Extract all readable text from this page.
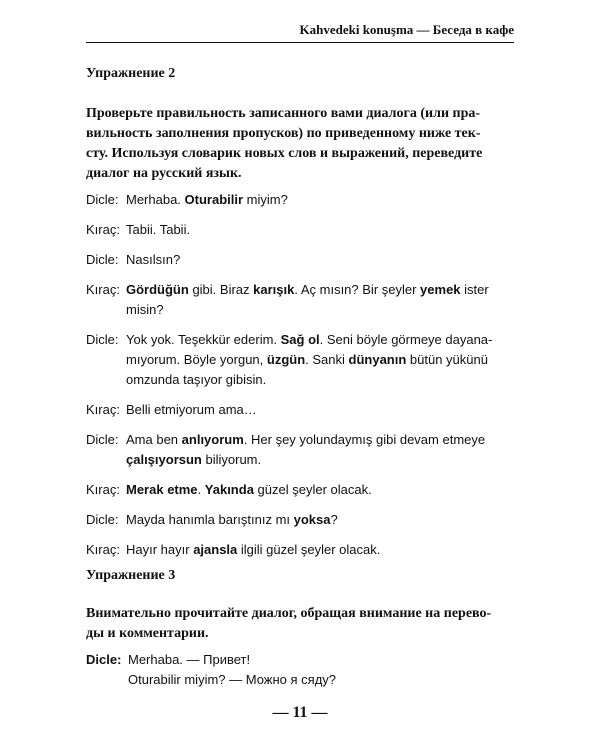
Kahvedeki konuşma — Беседа в кафе
Упражнение 2
Проверьте правильность записанного вами диалога (или пра-
вильность заполнения пропусков) по приведенному ниже тек-
сту. Используя словарик новых слов и выражений, переведите
диалог на русский язык.
Dicle: Merhaba. Oturabilir miyim?
Kıraç: Tabii. Tabii.
Dicle: Nasılsın?
Kıraç: Gördüğün gibi. Biraz karışık. Aç mısın? Bir şeyler yemek ister
misin?
Dicle: Yok yok. Teşekkür ederim. Sağ ol. Seni böyle görmeye dayana-
mıyorum. Böyle yorgun, üzgün. Sanki dünyanın bütün yükünü
omzunda taşıyor gibisin.
Kıraç: Belli etmiyorum ama…
Dicle: Ama ben anlıyorum. Her şey yolundaymış gibi devam etmeye
çalışıyorsun biliyorum.
Kıraç: Merak etme. Yakında güzel şeyler olacak.
Dicle: Mayda hanımla barıştınız mı yoksa?
Kıraç: Hayır hayır ajansla ilgili güzel şeyler olacak.
Упражнение 3
Внимательно прочитайте диалог, обращая внимание на перево-
ды и комментарии.
Dicle: Merhaba. — Привет!
Oturabilir miyim? — Можно я сяду?
— 11 —
